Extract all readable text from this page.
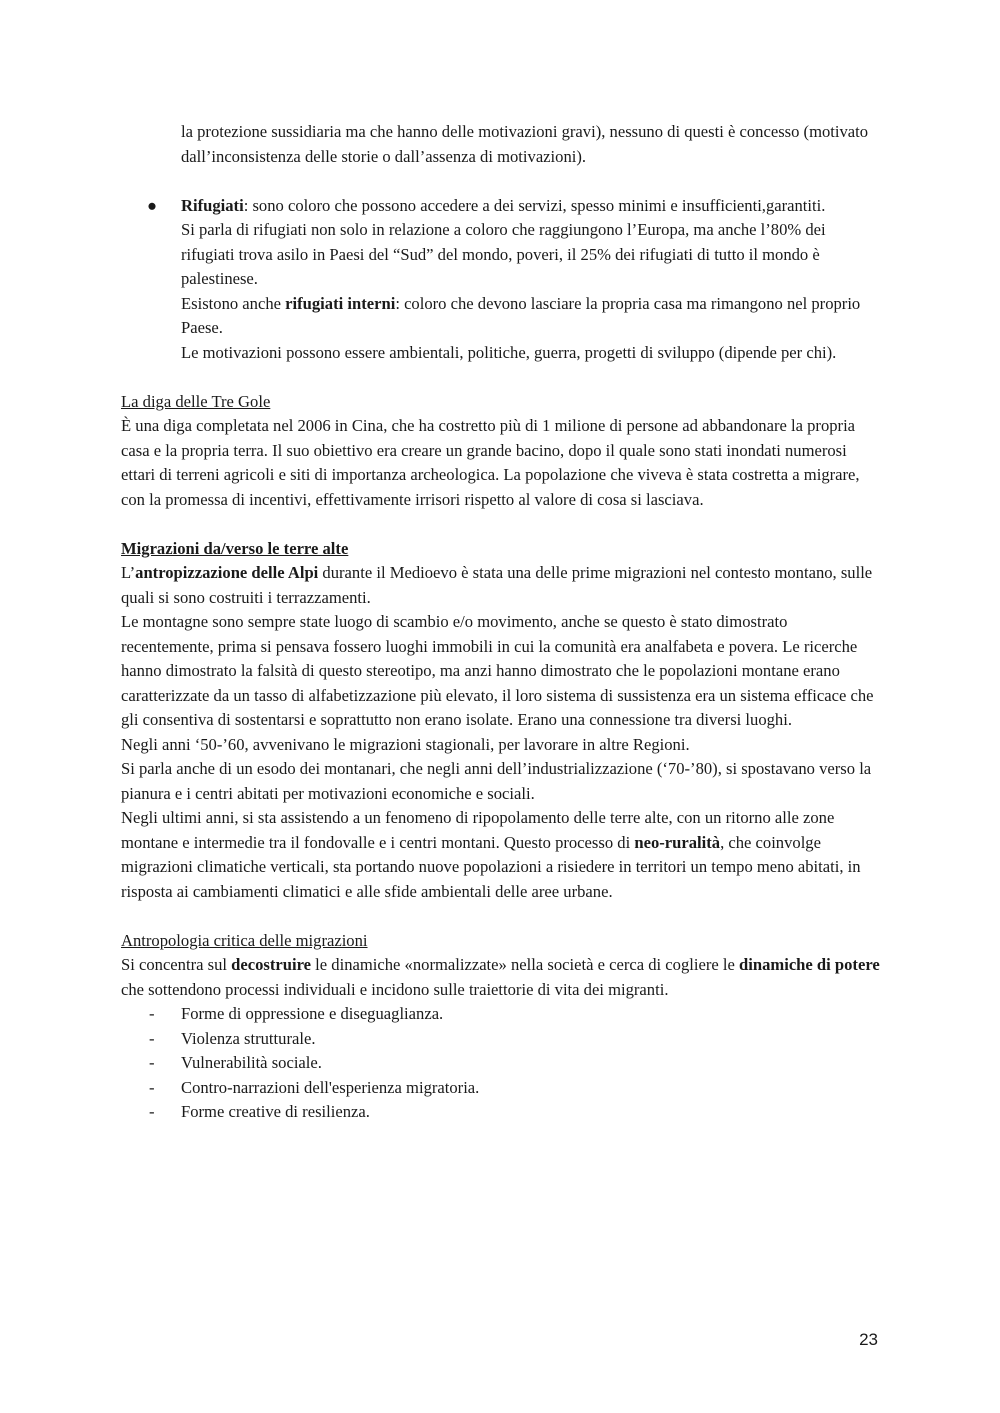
la protezione sussidiaria ma che hanno delle motivazioni gravi), nessuno di questi è concesso (motivato dall’inconsistenza delle storie o dall’assenza di motivazioni).

● Rifugiati: sono coloro che possono accedere a dei servizi, spesso minimi e insufficienti,garantiti.

Si parla di rifugiati non solo in relazione a coloro che raggiungono l’Europa, ma anche l’80% dei rifugiati trova asilo in Paesi del “Sud” del mondo, poveri, il 25% dei rifugiati di tutto il mondo è palestinese.

Esistono anche rifugiati interni: coloro che devono lasciare la propria casa ma rimangono nel proprio Paese.

Le motivazioni possono essere ambientali, politiche, guerra, progetti di sviluppo (dipende per chi).

La diga delle Tre Gole

È una diga completata nel 2006 in Cina, che ha costretto più di 1 milione di persone ad abbandonare la propria casa e la propria terra. Il suo obiettivo era creare un grande bacino, dopo il quale sono stati inondati numerosi ettari di terreni agricoli e siti di importanza archeologica. La popolazione che viveva è stata costretta a migrare, con la promessa di incentivi, effettivamente irrisori rispetto al valore di cosa si lasciava.

Migrazioni da/verso le terre alte

L’antropizzazione delle Alpi durante il Medioevo è stata una delle prime migrazioni nel contesto montano, sulle quali si sono costruiti i terrazzamenti.

Le montagne sono sempre state luogo di scambio e/o movimento, anche se questo è stato dimostrato recentemente, prima si pensava fossero luoghi immobili in cui la comunità era analfabeta e povera. Le ricerche hanno dimostrato la falsità di questo stereotipo, ma anzi hanno dimostrato che le popolazioni montane erano caratterizzate da un tasso di alfabetizzazione più elevato, il loro sistema di sussistenza era un sistema efficace che gli consentiva di sostentarsi e soprattutto non erano isolate. Erano una connessione tra diversi luoghi.

Negli anni ‘50-’60, avvenivano le migrazioni stagionali, per lavorare in altre Regioni.

Si parla anche di un esodo dei montanari, che negli anni dell’industrializzazione (‘70-’80), si spostavano verso la pianura e i centri abitati per motivazioni economiche e sociali.

Negli ultimi anni, si sta assistendo a un fenomeno di ripopolamento delle terre alte, con un ritorno alle zone montane e intermedie tra il fondovalle e i centri montani. Questo processo di neo-ruralità, che coinvolge migrazioni climatiche verticali, sta portando nuove popolazioni a risiedere in territori un tempo meno abitati, in risposta ai cambiamenti climatici e alle sfide ambientali delle aree urbane.

Antropologia critica delle migrazioni

Si concentra sul decostruire le dinamiche «normalizzate» nella società e cerca di cogliere le dinamiche di potere che sottendono processi individuali e incidono sulle traiettorie di vita dei migranti.

- Forme di oppressione e diseguaglianza.
- Violenza strutturale.
- Vulnerabilità sociale.
- Contro-narrazioni dell'esperienza migratoria.
- Forme creative di resilienza.
23
